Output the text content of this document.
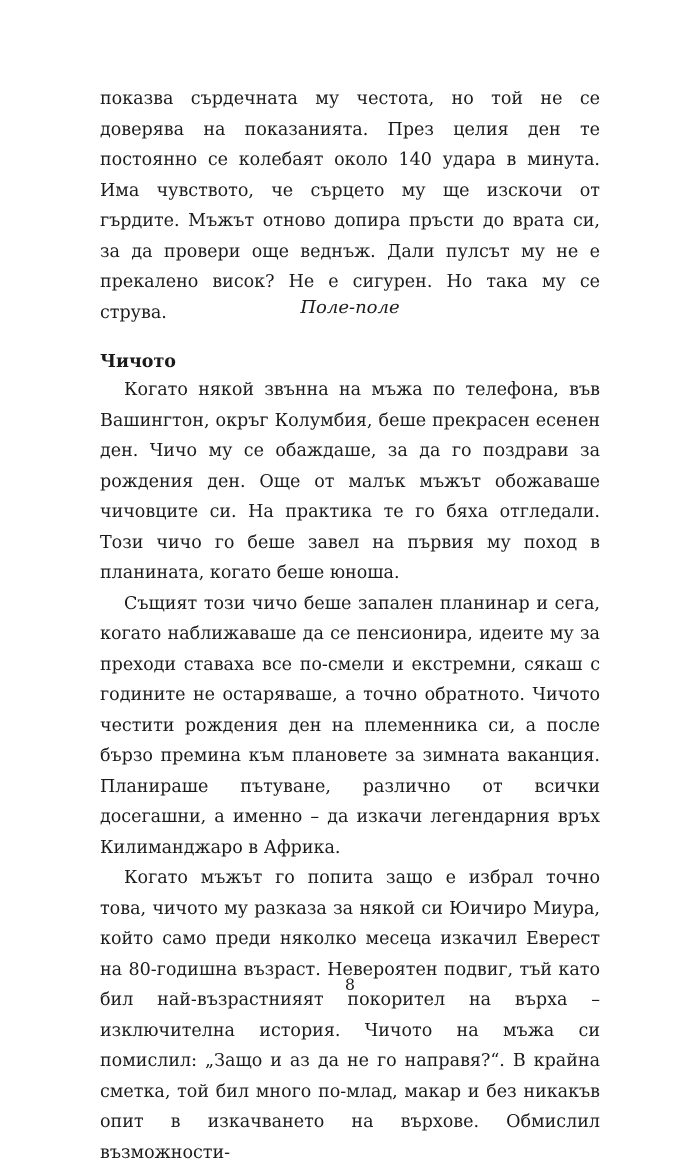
показва сърдечната му честота, но той не се доверява на показанията. През целия ден те постоянно се колебаят около 140 удара в минута. Има чувството, че сърцето му ще изскочи от гърдите. Мъжът отново допира пръсти до врата си, за да провери още веднъж. Дали пулсът му не е прекалено висок? Не е сигурен. Но така му се струва.	Поле-поле
Чичото

Когато някой звънна на мъжа по телефона, във Вашингтон, окръг Колумбия, беше прекрасен есенен ден. Чичо му се обаждаше, за да го поздрави за рождения ден. Още от малък мъжът обожаваше чичовците си. На практика те го бяха отгледали. Този чичо го беше завел на първия му поход в планината, когато беше юноша.

Същият този чичо беше запален планинар и сега, когато наближаваше да се пенсионира, идеите му за преходи ставаха все по-смели и екстремни, сякаш с годините не остаряваше, а точно обратното. Чичото честити рождения ден на племенника си, а после бързо премина към плановете за зимната ваканция. Планираше пътуване, различно от всички досегашни, а именно – да изкачи легендарния връх Килиманджаро в Африка.

Когато мъжът го попита защо е избрал точно това, чичото му разказа за някой си Юичиро Миура, който само преди няколко месеца изкачил Еверест на 80-годишна възраст. Невероятен подвиг, тъй като бил най-възрастнияят покорител на върха – изключителна история. Чичото на мъжа си помислил: „Защо и аз да не го направя?“. В крайна сметка, той бил много по-млад, макар и без никакъв опит в изкачването на върхове. Обмислил възможности-

8
